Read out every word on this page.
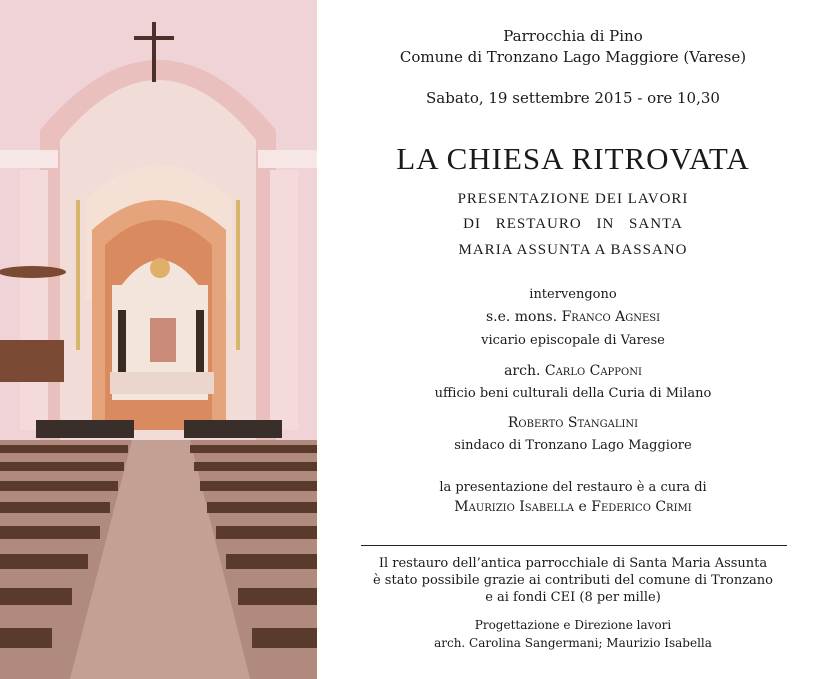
Parrocchia di Pino
Comune di Tronzano Lago Maggiore (Varese)
Sabato, 19 settembre 2015 - ore 10,30
LA CHIESA RITROVATA
PRESENTAZIONE DEI LAVORI
DI RESTAURO IN SANTA
MARIA ASSUNTA A BASSANO
intervengono
s.e. mons. Franco Agnesi
vicario episcopale di Varese
arch. Carlo Capponi
ufficio beni culturali della Curia di Milano
Roberto Stangalini
sindaco di Tronzano Lago Maggiore
la presentazione del restauro è a cura di
Maurizio Isabella e Federico Crimi
Il restauro dell’antica parrocchiale di Santa Maria Assunta
è stato possibile grazie ai contributi del comune di Tronzano
e ai fondi CEI (8 per mille)
Progettazione e Direzione lavori
arch. Carolina Sangermani; Maurizio Isabella
